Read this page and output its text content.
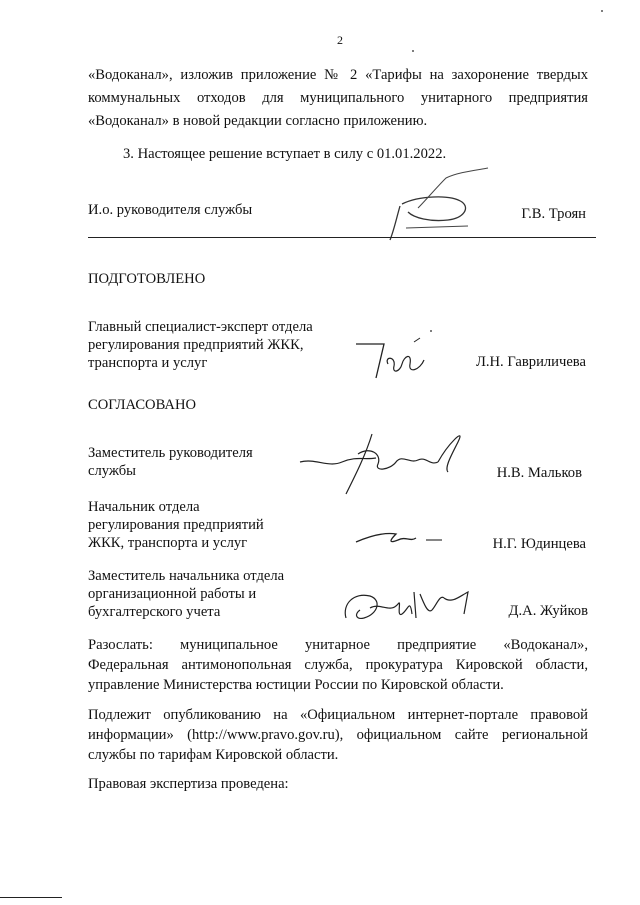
2
«Водоканал», изложив приложение № 2 «Тарифы на захоронение твердых
коммунальных отходов для муниципального унитарного предприятия
«Водоканал» в новой редакции согласно приложению.
3. Настоящее решение вступает в силу с 01.01.2022.
И.о. руководителя службы	Г.В. Троян
ПОДГОТОВЛЕНО
Главный специалист-эксперт отдела
регулирования предприятий ЖКК,
транспорта и услуг	Л.Н. Гавриличева
СОГЛАСОВАНО
Заместитель руководителя
службы	Н.В. Мальков
Начальник отдела
регулирования предприятий
ЖКК, транспорта и услуг	Н.Г. Юдинцева
Заместитель начальника отдела
организационной работы и
бухгалтерского учета	Д.А. Жуйков
Разослать: муниципальное унитарное предприятие «Водоканал»,
Федеральная антимонопольная служба, прокуратура Кировской области,
управление Министерства юстиции России по Кировской области.
Подлежит опубликованию на «Официальном интернет-портале правовой
информации» (http://www.pravo.gov.ru), официальном сайте региональной
службы по тарифам Кировской области.
Правовая экспертиза проведена:
